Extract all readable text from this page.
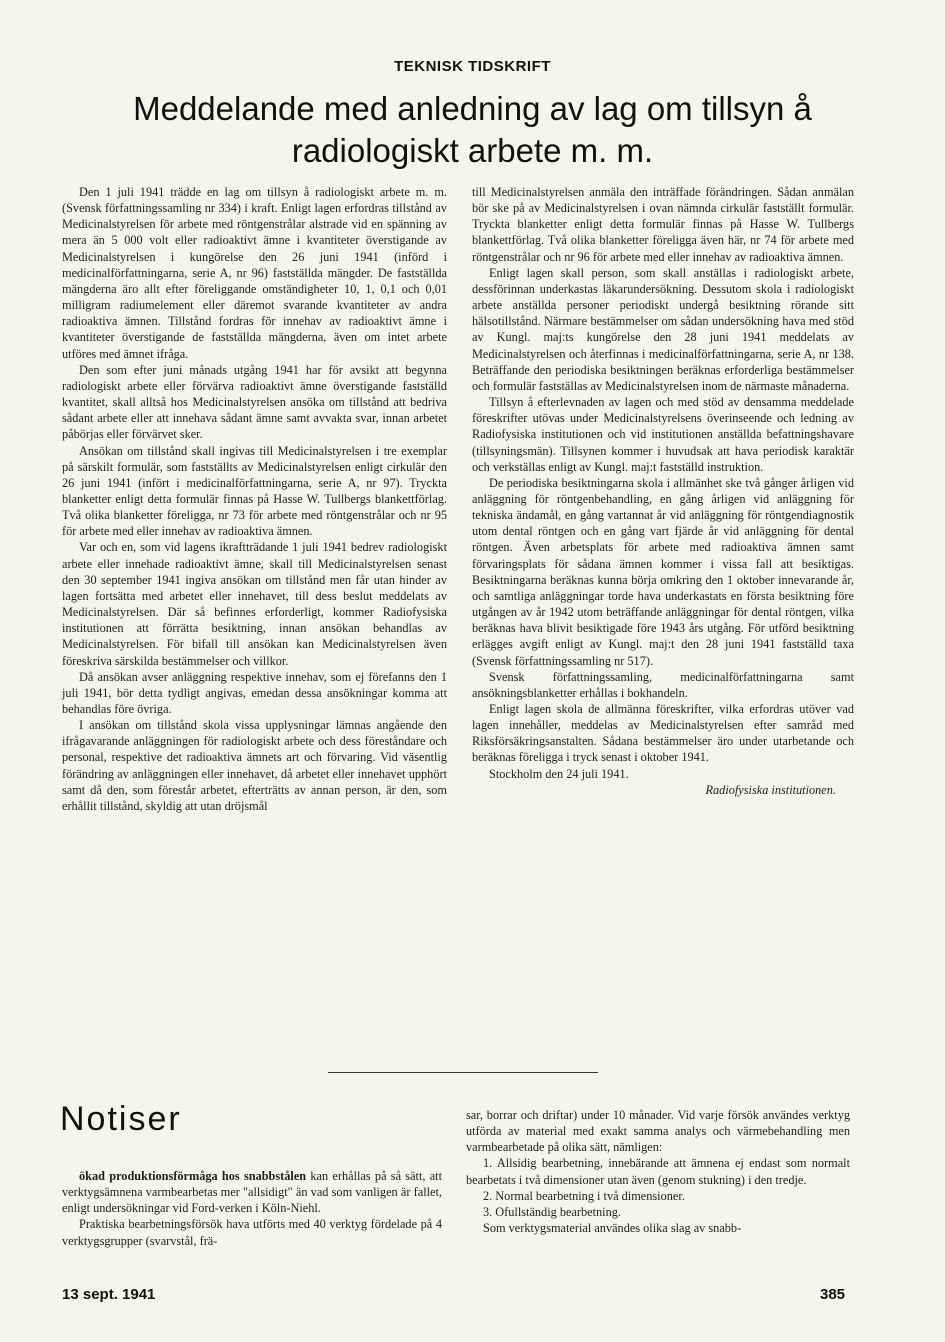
TEKNISK TIDSKRIFT
Meddelande med anledning av lag om tillsyn å radiologiskt arbete m. m.

Den 1 juli 1941 trädde en lag om tillsyn å radiologiskt arbete m. m. (Svensk författningssamling nr 334) i kraft. Enligt lagen erfordras tillstånd av Medicinalstyrelsen för arbete med röntgenstrålar alstrade vid en spänning av mera än 5 000 volt eller radioaktivt ämne i kvantiteter överstigande av Medicinalstyrelsen i kungörelse den 26 juni 1941 (införd i medicinalförfattningarna, serie A, nr 96) fastställda mängder. De fastställda mängderna äro allt efter föreliggande omständigheter 10, 1, 0,1 och 0,01 milligram radiumelement eller däremot svarande kvantiteter av andra radioaktiva ämnen. Tillstånd fordras för innehav av radioaktivt ämne i kvantiteter överstigande de fastställda mängderna, även om intet arbete utföres med ämnet ifråga.

Den som efter juni månads utgång 1941 har för avsikt att begynna radiologiskt arbete eller förvärva radioaktivt ämne överstigande fastställd kvantitet, skall alltså hos Medicinalstyrelsen ansöka om tillstånd att bedriva sådant arbete eller att innehava sådant ämne samt avvakta svar, innan arbetet påbörjas eller förvärvet sker.

Ansökan om tillstånd skall ingivas till Medicinalstyrelsen i tre exemplar på särskilt formulär, som fastställts av Medicinalstyrelsen enligt cirkulär den 26 juni 1941 (infört i medicinalförfattningarna, serie A, nr 97). Tryckta blanketter enligt detta formulär finnas på Hasse W. Tullbergs blankettförlag. Två olika blanketter föreligga, nr 73 för arbete med röntgenstrålar och nr 95 för arbete med eller innehav av radioaktiva ämnen.

Var och en, som vid lagens ikraftträdande 1 juli 1941 bedrev radiologiskt arbete eller innehade radioaktivt ämne, skall till Medicinalstyrelsen senast den 30 september 1941 ingiva ansökan om tillstånd men får utan hinder av lagen fortsätta med arbetet eller innehavet, till dess beslut meddelats av Medicinalstyrelsen. Där så befinnes erforderligt, kommer Radiofysiska institutionen att förrätta besiktning, innan ansökan behandlas av Medicinalstyrelsen. För bifall till ansökan kan Medicinalstyrelsen även föreskriva särskilda bestämmelser och villkor.

Då ansökan avser anläggning respektive innehav, som ej förefanns den 1 juli 1941, bör detta tydligt angivas, emedan dessa ansökningar komma att behandlas före övriga.

I ansökan om tillstånd skola vissa upplysningar lämnas angående den ifrågavarande anläggningen för radiologiskt arbete och dess föreståndare och personal, respektive det radioaktiva ämnets art och förvaring. Vid väsentlig förändring av anläggningen eller innehavet, då arbetet eller innehavet upphört samt då den, som förestår arbetet, efterträtts av annan person, är den, som erhållit tillstånd, skyldig att utan dröjsmål

till Medicinalstyrelsen anmäla den inträffade förändringen. Sådan anmälan bör ske på av Medicinalstyrelsen i ovan nämnda cirkulär fastställt formulär. Tryckta blanketter enligt detta formulär finnas på Hasse W. Tullbergs blankettförlag. Två olika blanketter föreligga även här, nr 74 för arbete med röntgenstrålar och nr 96 för arbete med eller innehav av radioaktiva ämnen.

Enligt lagen skall person, som skall anställas i radiologiskt arbete, dessförinnan underkastas läkarundersökning. Dessutom skola i radiologiskt arbete anställda personer periodiskt undergå besiktning rörande sitt hälsotillstånd. Närmare bestämmelser om sådan undersökning hava med stöd av Kungl. maj:ts kungörelse den 28 juni 1941 meddelats av Medicinalstyrelsen och återfinnas i medicinalförfattningarna, serie A, nr 138. Beträffande den periodiska besiktningen beräknas erforderliga bestämmelser och formulär fastställas av Medicinalstyrelsen inom de närmaste månaderna.

Tillsyn å efterlevnaden av lagen och med stöd av densamma meddelade föreskrifter utövas under Medicinalstyrelsens överinseende och ledning av Radiofysiska institutionen och vid institutionen anställda befattningshavare (tillsyningsmän). Tillsynen kommer i huvudsak att hava periodisk karaktär och verkställas enligt av Kungl. maj:t fastställd instruktion.

De periodiska besiktningarna skola i allmänhet ske två gånger årligen vid anläggning för röntgenbehandling, en gång årligen vid anläggning för tekniska ändamål, en gång vartannat år vid anläggning för röntgendiagnostik utom dental röntgen och en gång vart fjärde år vid anläggning för dental röntgen. Även arbetsplats för arbete med radioaktiva ämnen samt förvaringsplats för sådana ämnen kommer i vissa fall att besiktigas. Besiktningarna beräknas kunna börja omkring den 1 oktober innevarande år, och samtliga anläggningar torde hava underkastats en första besiktning före utgången av år 1942 utom beträffande anläggningar för dental röntgen, vilka beräknas hava blivit besiktigade före 1943 års utgång. För utförd besiktning erlägges avgift enligt av Kungl. maj:t den 28 juni 1941 fastställd taxa (Svensk författningssamling nr 517).

Svensk författningssamling, medicinalförfattningarna samt ansökningsblanketter erhållas i bokhandeln.

Enligt lagen skola de allmänna föreskrifter, vilka erfordras utöver vad lagen innehåller, meddelas av Medicinalstyrelsen efter samråd med Riksförsäkringsanstalten. Sådana bestämmelser äro under utarbetande och beräknas föreligga i tryck senast i oktober 1941.

Stockholm den 24 juli 1941.

Radiofysiska institutionen.

Notiser

ökad produktionsförmåga hos snabbstålen kan erhållas på så sätt, att verktygsämnena varmbearbetas mer "allsidigt" än vad som vanligen är fallet, enligt undersökningar vid Ford-verken i Köln-Niehl.

Praktiska bearbetningsförsök hava utförts med 40 verktyg fördelade på 4 verktygsgrupper (svarvstål, frä-

sar, borrar och driftar) under 10 månader. Vid varje försök användes verktyg utförda av material med exakt samma analys och värmebehandling men varmbearbetade på olika sätt, nämligen:

1. Allsidig bearbetning, innebärande att ämnena ej endast som normalt bearbetats i två dimensioner utan även (genom stukning) i den tredje.

2. Normal bearbetning i två dimensioner.

3. Ofullständig bearbetning.

Som verktygsmaterial användes olika slag av snabb-

13 sept. 1941	385
